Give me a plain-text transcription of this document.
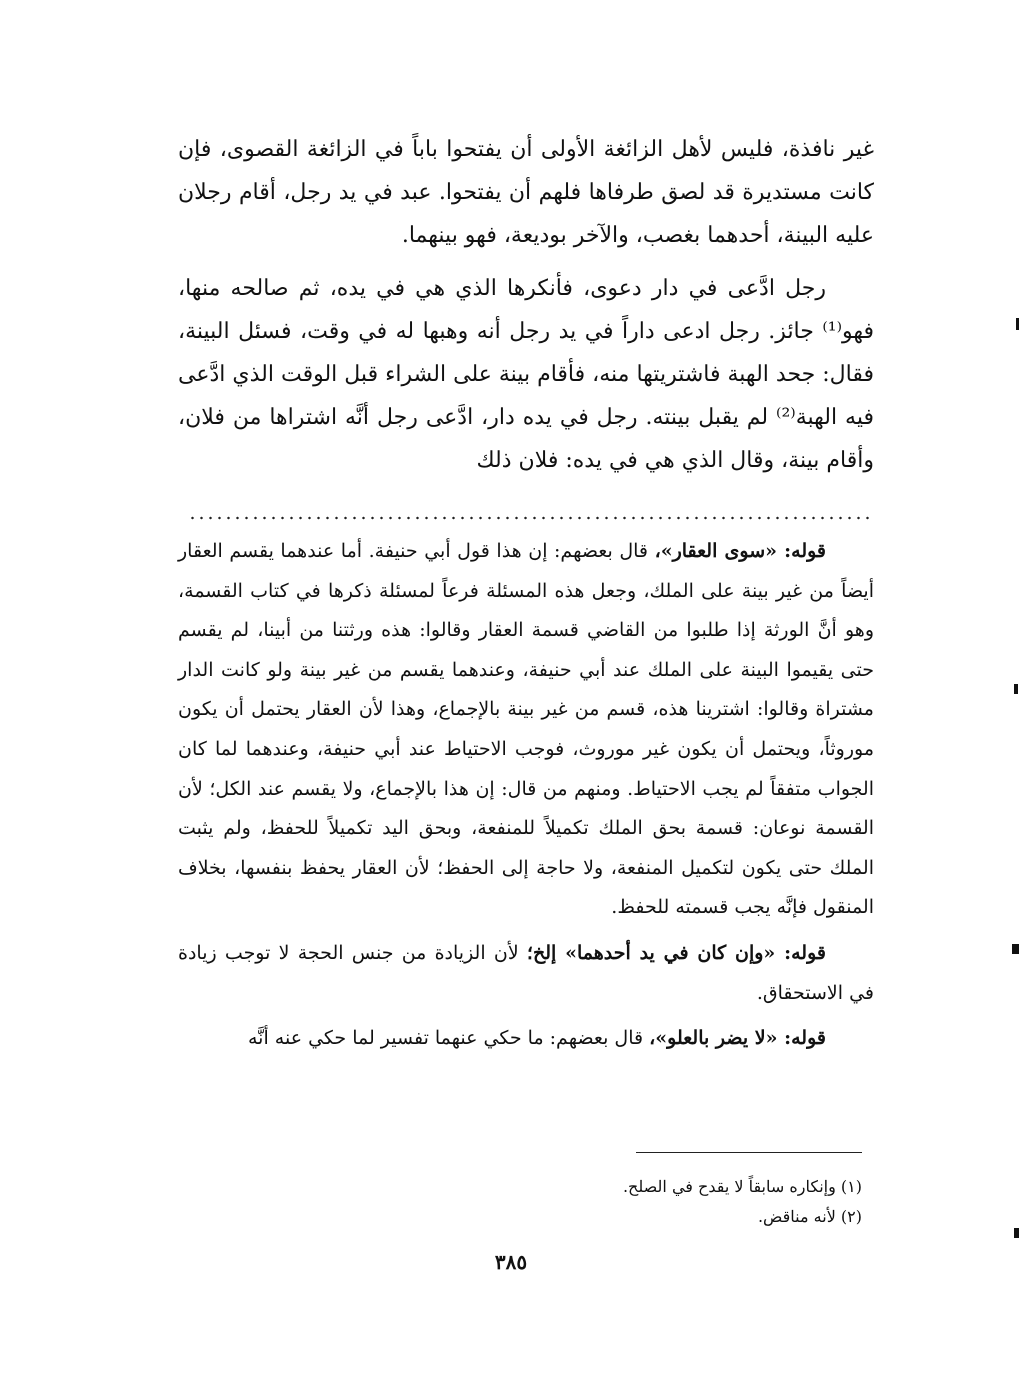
غير نافذة، فليس لأهل الزائغة الأولى أن يفتحوا باباً في الزائغة القصوى، فإن كانت مستديرة قد لصق طرفاها فلهم أن يفتحوا. عبد في يد رجل، أقام رجلان عليه البينة، أحدهما بغصب، والآخر بوديعة، فهو بينهما.

رجل ادَّعى في دار دعوى، فأنكرها الذي هي في يده، ثم صالحه منها، فهو⁽¹⁾ جائز. رجل ادعى داراً في يد رجل أنه وهبها له في وقت، فسئل البينة، فقال: جحد الهبة فاشتريتها منه، فأقام بينة على الشراء قبل الوقت الذي ادَّعى فيه الهبة⁽²⁾ لم يقبل بينته. رجل في يده دار، ادَّعى رجل أنَّه اشتراها من فلان، وأقام بينة، وقال الذي هي في يده: فلان ذلك

قوله: «سوى العقار»، قال بعضهم: إن هذا قول أبي حنيفة. أما عندهما يقسم العقار أيضاً من غير بينة على الملك، وجعل هذه المسئلة فرعاً لمسئلة ذكرها في كتاب القسمة، وهو أنَّ الورثة إذا طلبوا من القاضي قسمة العقار وقالوا: هذه ورثتنا من أبينا، لم يقسم حتى يقيموا البينة على الملك عند أبي حنيفة، وعندهما يقسم من غير بينة ولو كانت الدار مشتراة وقالوا: اشترينا هذه، قسم من غير بينة بالإجماع، وهذا لأن العقار يحتمل أن يكون موروثاً، ويحتمل أن يكون غير موروث، فوجب الاحتياط عند أبي حنيفة، وعندهما لما كان الجواب متفقاً لم يجب الاحتياط. ومنهم من قال: إن هذا بالإجماع، ولا يقسم عند الكل؛ لأن القسمة نوعان: قسمة بحق الملك تكميلاً للمنفعة، وبحق اليد تكميلاً للحفظ، ولم يثبت الملك حتى يكون لتكميل المنفعة، ولا حاجة إلى الحفظ؛ لأن العقار يحفظ بنفسها، بخلاف المنقول فإنَّه يجب قسمته للحفظ.

قوله: «وإن كان في يد أحدهما» إلخ؛ لأن الزيادة من جنس الحجة لا توجب زيادة في الاستحقاق.

قوله: «لا يضر بالعلو»، قال بعضهم: ما حكي عنهما تفسير لما حكي عنه أنَّه

(١) وإنكاره سابقاً لا يقدح في الصلح.

(٢) لأنه مناقض.

٣٨٥
